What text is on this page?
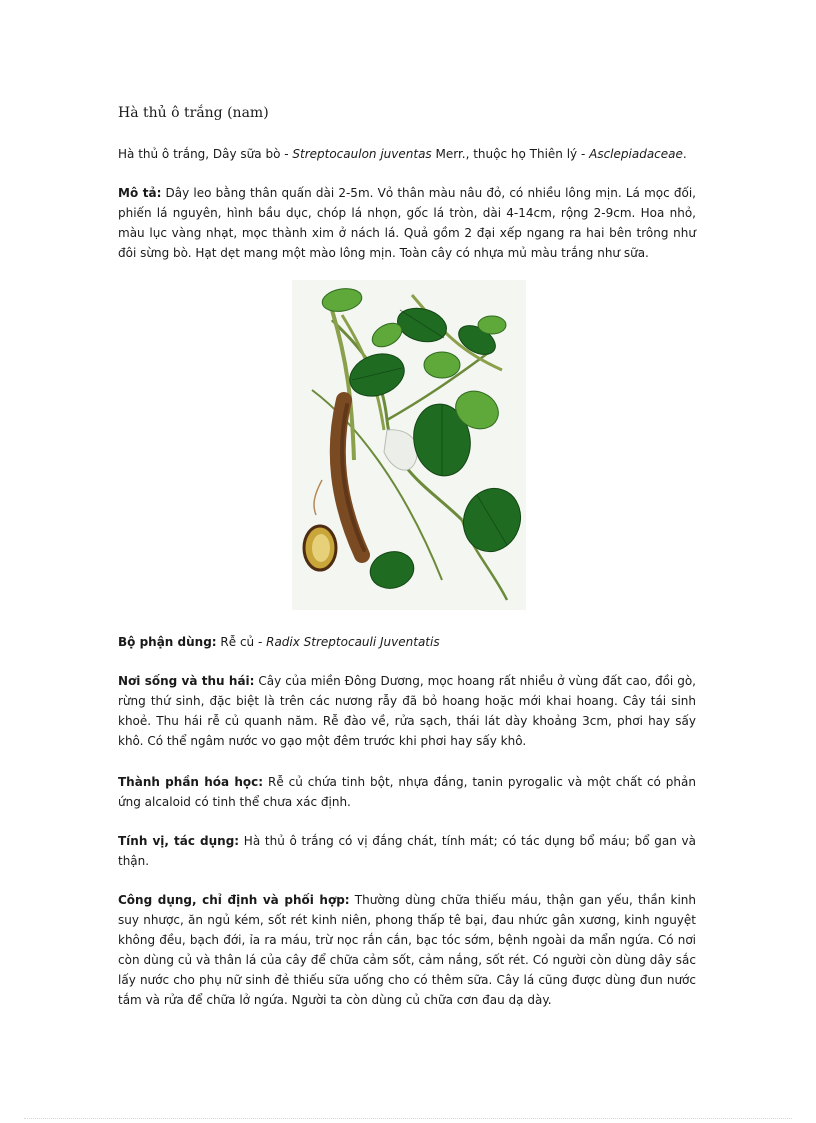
Hà thủ ô trắng (nam)

Hà thủ ô trắng, Dây sữa bò - Streptocaulon juventas Merr., thuộc họ Thiên lý - Asclepiadaceae.

Mô tả: Dây leo bằng thân quấn dài 2-5m. Vỏ thân màu nâu đỏ, có nhiều lông mịn. Lá mọc đối, phiến lá nguyên, hình bầu dục, chóp lá nhọn, gốc lá tròn, dài 4-14cm, rộng 2-9cm. Hoa nhỏ, màu lục vàng nhạt, mọc thành xim ở nách lá. Quả gồm 2 đại xếp ngang ra hai bên trông như đôi sừng bò. Hạt dẹt mang một mào lông mịn. Toàn cây có nhựa mủ màu trắng như sữa.

Bộ phận dùng: Rễ củ - Radix Streptocauli Juventatis

Nơi sống và thu hái: Cây của miền Đông Dương, mọc hoang rất nhiều ở vùng đất cao, đồi gò, rừng thứ sinh, đặc biệt là trên các nương rẫy đã bỏ hoang hoặc mới khai hoang. Cây tái sinh khoẻ. Thu hái rễ củ quanh năm. Rễ đào về, rửa sạch, thái lát dày khoảng 3cm, phơi hay sấy khô. Có thể ngâm nước vo gạo một đêm trước khi phơi hay sấy khô.

Thành phần hóa học: Rễ củ chứa tinh bột, nhựa đắng, tanin pyrogalic và một chất có phản ứng alcaloid có tinh thể chưa xác định.

Tính vị, tác dụng: Hà thủ ô trắng có vị đắng chát, tính mát; có tác dụng bổ máu; bổ gan và thận.

Công dụng, chỉ định và phối hợp: Thường dùng chữa thiếu máu, thận gan yếu, thần kinh suy nhược, ăn ngủ kém, sốt rét kinh niên, phong thấp tê bại, đau nhức gân xương, kinh nguyệt không đều, bạch đới, ỉa ra máu, trừ nọc rắn cắn, bạc tóc sớm, bệnh ngoài da mẩn ngứa. Có nơi còn dùng củ và thân lá của cây để chữa cảm sốt, cảm nắng, sốt rét. Có người còn dùng dây sắc lấy nước cho phụ nữ sinh đẻ thiếu sữa uống cho có thêm sữa. Cây lá cũng được dùng đun nước tắm và rửa để chữa lở ngứa. Người ta còn dùng củ chữa cơn đau dạ dày.
